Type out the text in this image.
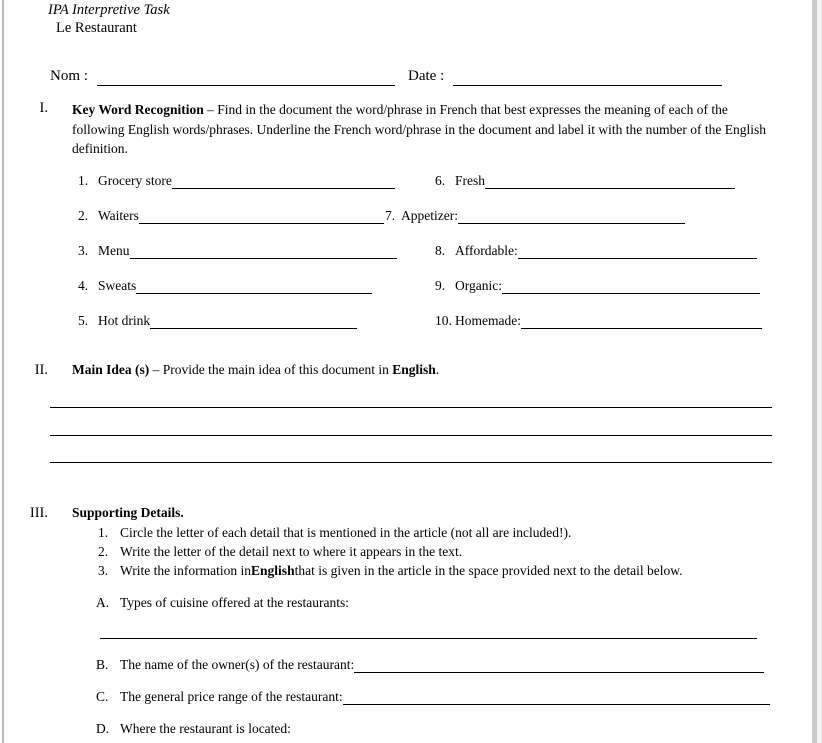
IPA Interpretive Task
Le Restaurant
Nom :	Date :
I. Key Word Recognition – Find in the document the word/phrase in French that best expresses the meaning of each of the following English words/phrases. Underline the French word/phrase in the document and label it with the number of the English definition.
1. Grocery store
2. Waiters
3. Menu
4. Sweats
5. Hot drink
6. Fresh
7. Appetizer:
8. Affordable:
9. Organic:
10. Homemade:
II. Main Idea (s) – Provide the main idea of this document in English.
III. Supporting Details.
1. Circle the letter of each detail that is mentioned in the article (not all are included!).
2. Write the letter of the detail next to where it appears in the text.
3. Write the information in English that is given in the article in the space provided next to the detail below.
A. Types of cuisine offered at the restaurants:
B. The name of the owner(s) of the restaurant:
C. The general price range of the restaurant:
D. Where the restaurant is located:
